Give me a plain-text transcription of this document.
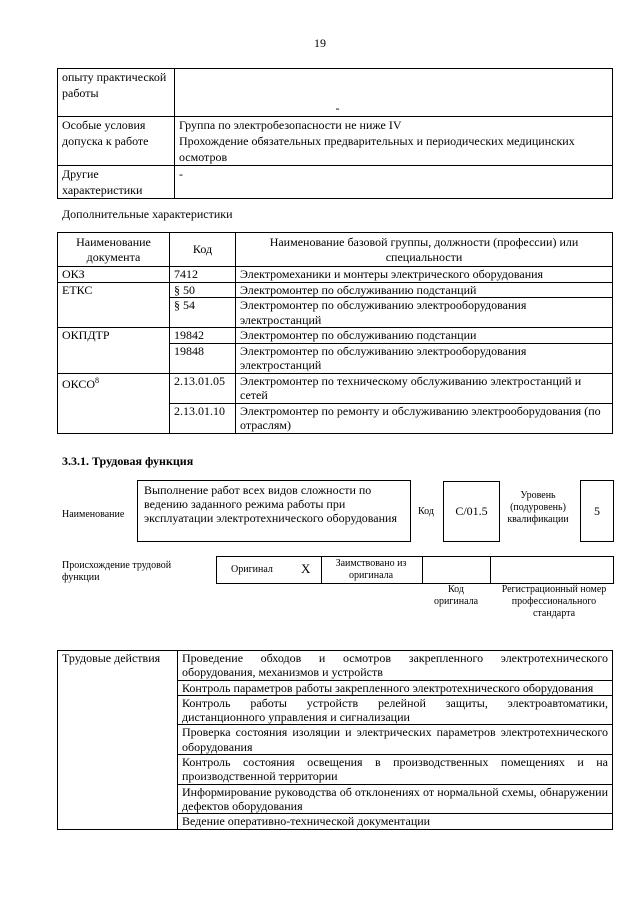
19
опыту практической работы	-
Особые условия допуска к работе	Группа по электробезопасности не ниже IV
Прохождение обязательных предварительных и периодических медицинских осмотров

Другие характеристики	-
Дополнительные характеристики
Наименование документа	Код	Наименование базовой группы, должности (профессии) или специальности
ОКЗ	7412	Электромеханики и монтеры электрического оборудования
ЕТКС	§ 50	Электромонтер по обслуживанию подстанций
	§ 54	Электромонтер по обслуживанию электрооборудования электростанций
ОКПДТР	19842	Электромонтер по обслуживанию подстанции
	19848	Электромонтер по обслуживанию электрооборудования электростанций
ОКСО$^8$	2.13.01.05	Электромонтер по техническому обслуживанию электростанций и сетей
	2.13.01.10	Электромонтер по ремонту и обслуживанию электрооборудования (по отраслям)
3.3.1. Трудовая функция
Наименование
Выполнение работ всех видов сложности по ведению заданного режима работы при эксплуатации электротехнического оборудования	Код	C/01.5
Уровень (подуровень) квалификации
5
Происхождение трудовой функции
Оригинал X	Заимствовано из оригинала
Код оригинала
Регистрационный номер профессионального стандарта
Трудовые действия	Проведение обходов и осмотров закрепленного электротехнического оборудования, механизмов и устройств
Контроль параметров работы закрепленного электротехнического оборудования
Контроль работы устройств релейной защиты, электроавтоматики, дистанционного управления и сигнализации
Проверка состояния изоляции и электрических параметров электротехнического оборудования
Контроль состояния освещения в производственных помещениях и на производственной территории
Информирование руководства об отклонениях от нормальной схемы, обнаружении дефектов оборудования
Ведение оперативно-технической документации
